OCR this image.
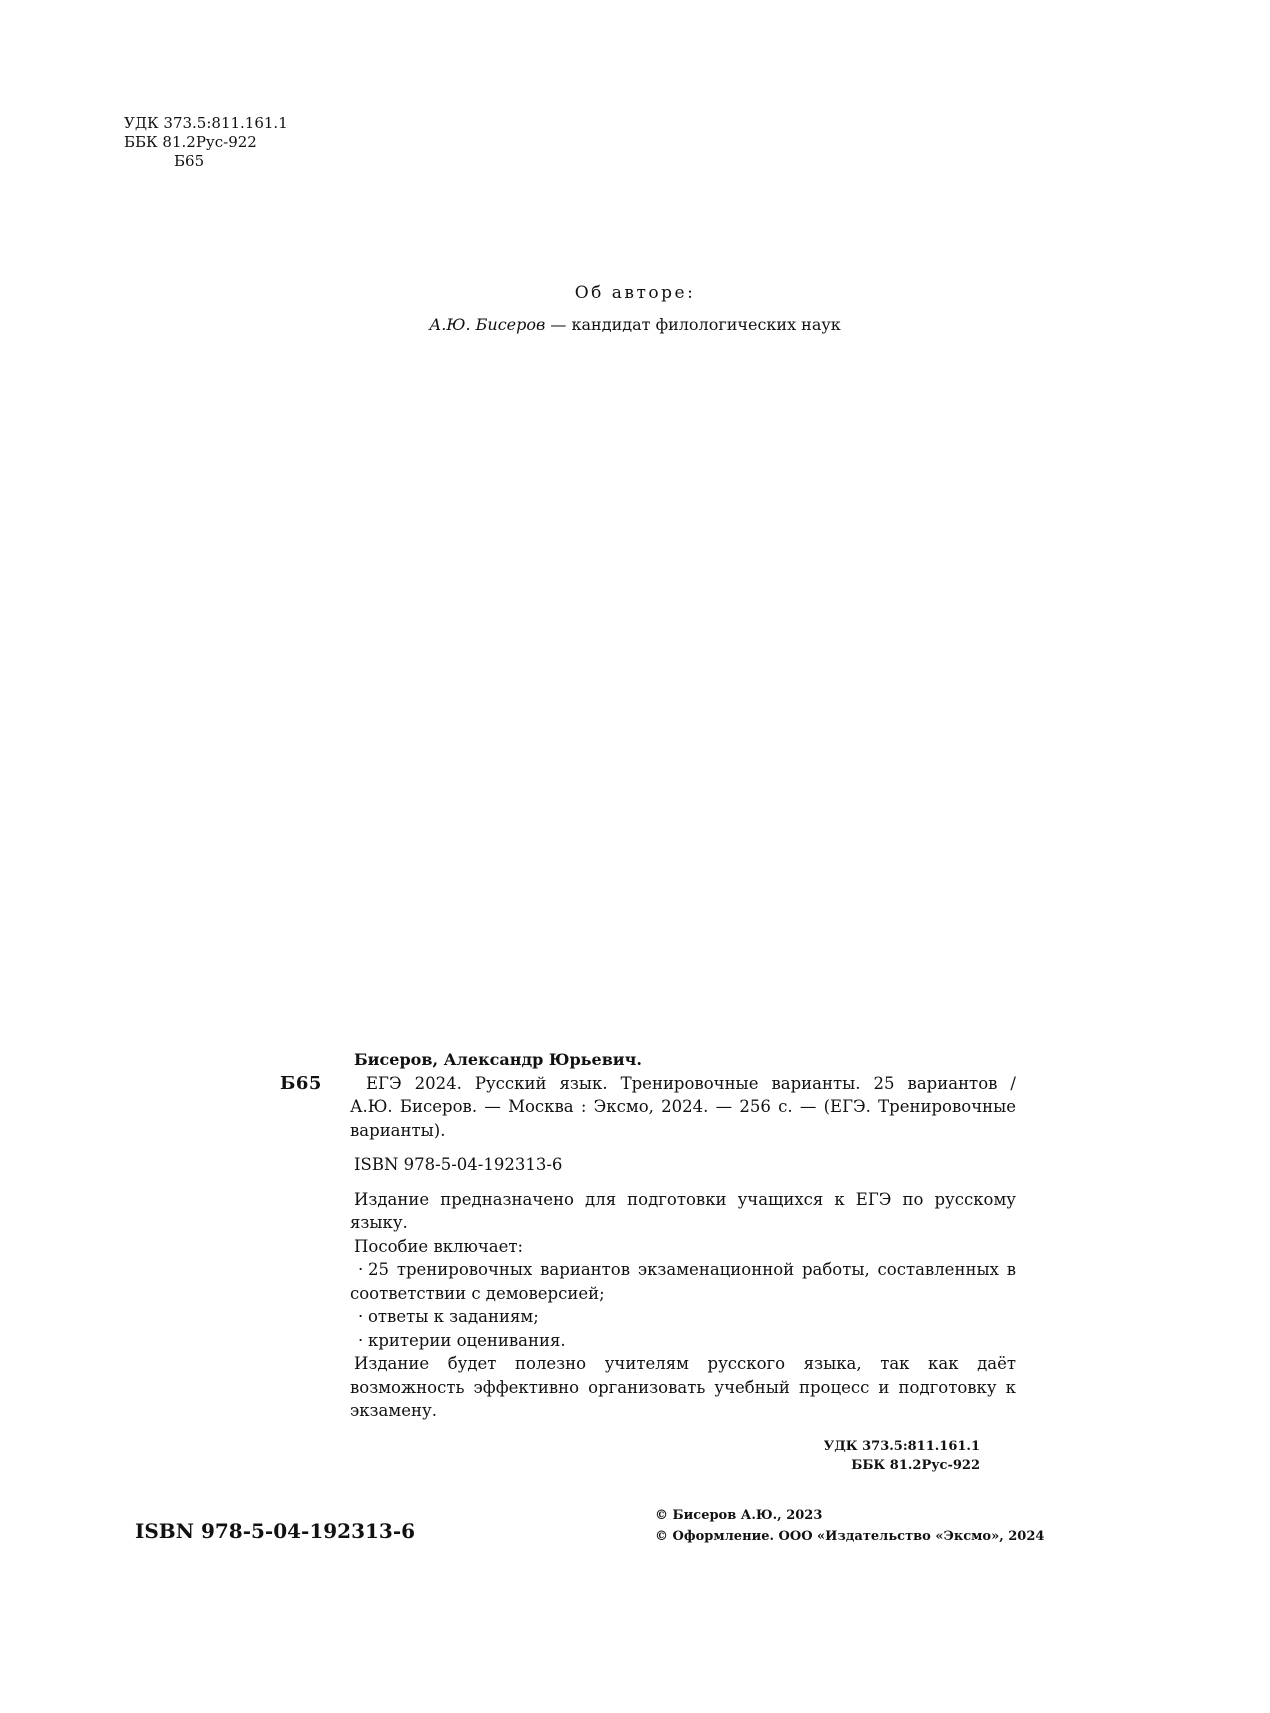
УДК 373.5:811.161.1
ББК 81.2Рус-922
Б65
Об авторе:
А.Ю. Бисеров — кандидат филологических наук
Бисеров, Александр Юрьевич.
Б65	ЕГЭ 2024. Русский язык. Тренировочные варианты. 25 вариантов / А.Ю. Бисеров. — Москва : Эксмо, 2024. — 256 с. — (ЕГЭ. Тренировочные варианты).
ISBN 978-5-04-192313-6
Издание предназначено для подготовки учащихся к ЕГЭ по русскому языку.
Пособие включает:
· 25 тренировочных вариантов экзаменационной работы, составленных в соответствии с демоверсией;
· ответы к заданиям;
· критерии оценивания.
Издание будет полезно учителям русского языка, так как даёт возможность эффективно организовать учебный процесс и подготовку к экзамену.
УДК 373.5:811.161.1
ББК 81.2Рус-922
ISBN 978-5-04-192313-6
© Бисеров А.Ю., 2023
© Оформление. ООО «Издательство «Эксмо», 2024
